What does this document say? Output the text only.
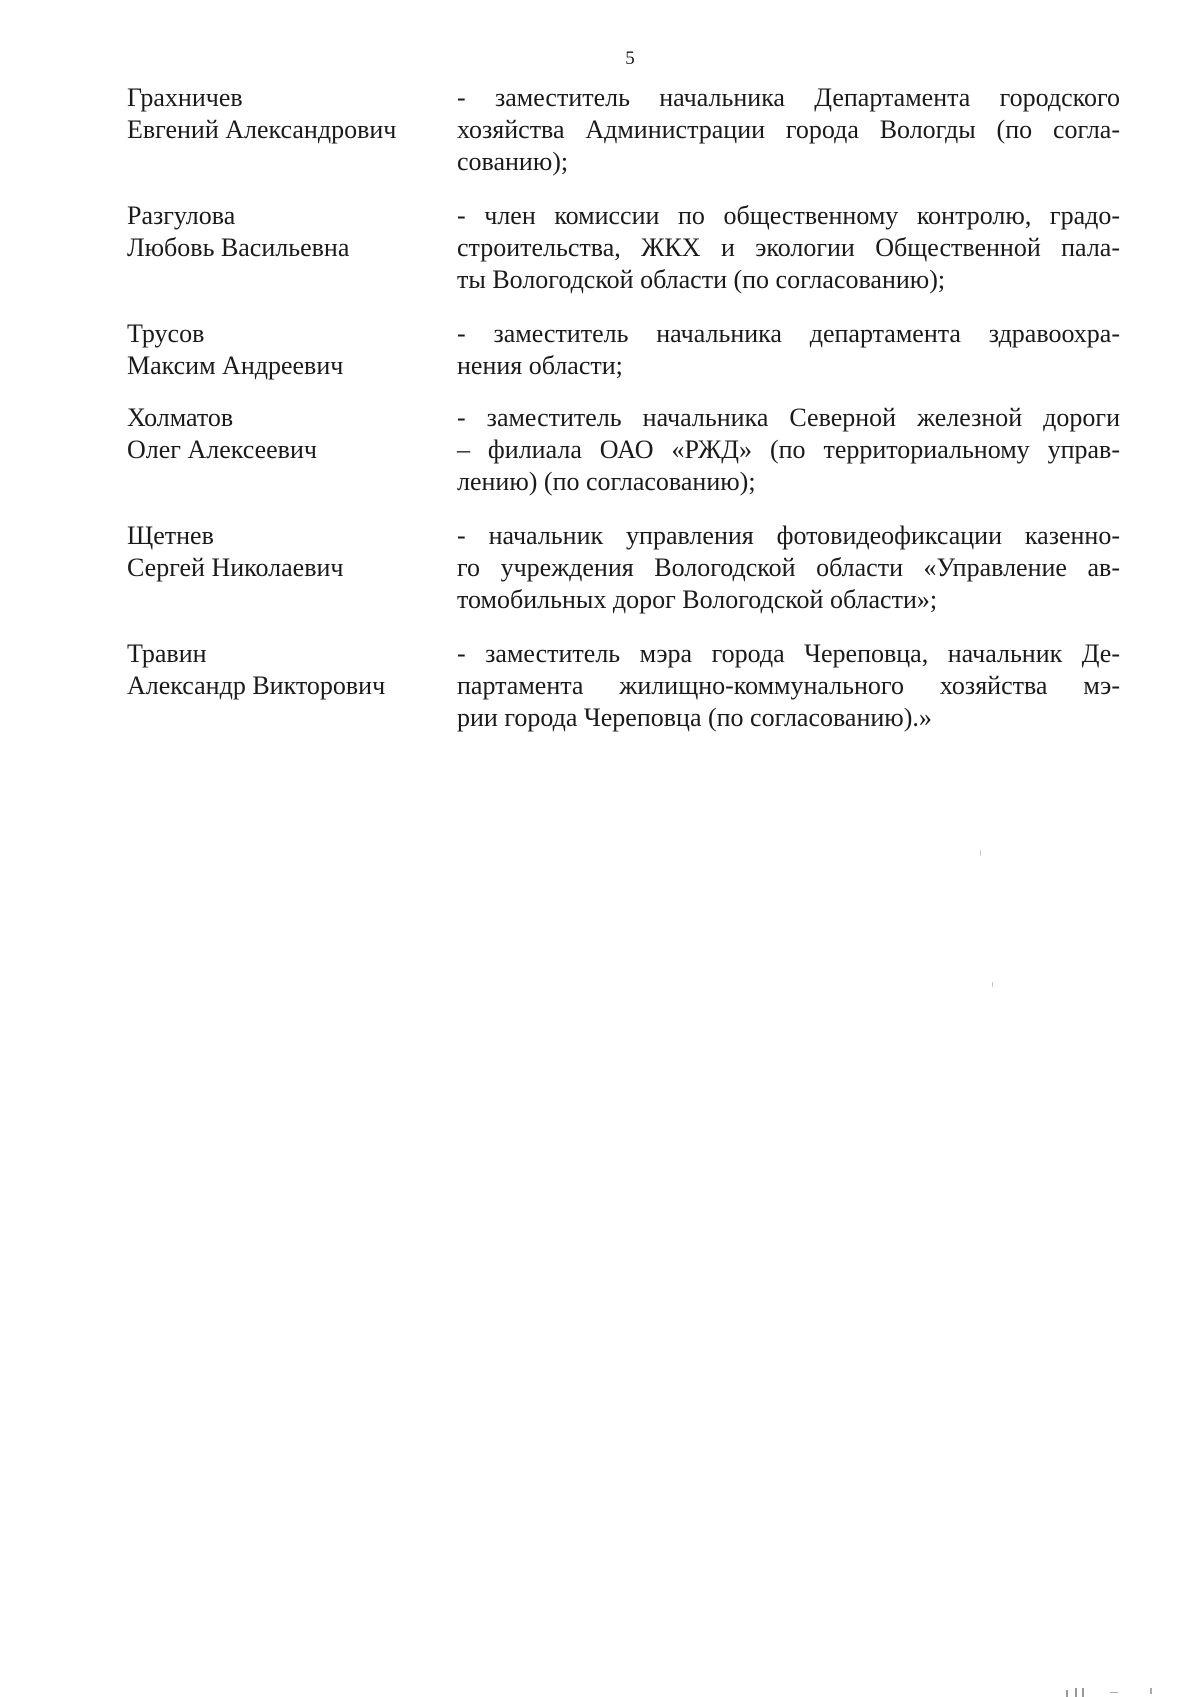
5
Грахничев
Евгений Александрович
- заместитель начальника Департамента городского
хозяйства Администрации города Вологды (по согла-
сованию);
Разгулова
Любовь Васильевна
- член комиссии по общественному контролю, градо-
строительства, ЖКХ и экологии Общественной пала-
ты Вологодской области (по согласованию);
Трусов
Максим Андреевич
- заместитель начальника департамента здравоохра-
нения области;
Холматов
Олег Алексеевич
- заместитель начальника Северной железной дороги
– филиала ОАО «РЖД» (по территориальному управ-
лению) (по согласованию);
Щетнев
Сергей Николаевич
- начальник управления фотовидеофиксации казенно-
го учреждения Вологодской области «Управление ав-
томобильных дорог Вологодской области»;
Травин
Александр Викторович
- заместитель мэра города Череповца, начальник Де-
партамента жилищно-коммунального хозяйства мэ-
рии города Череповца (по согласованию).»
